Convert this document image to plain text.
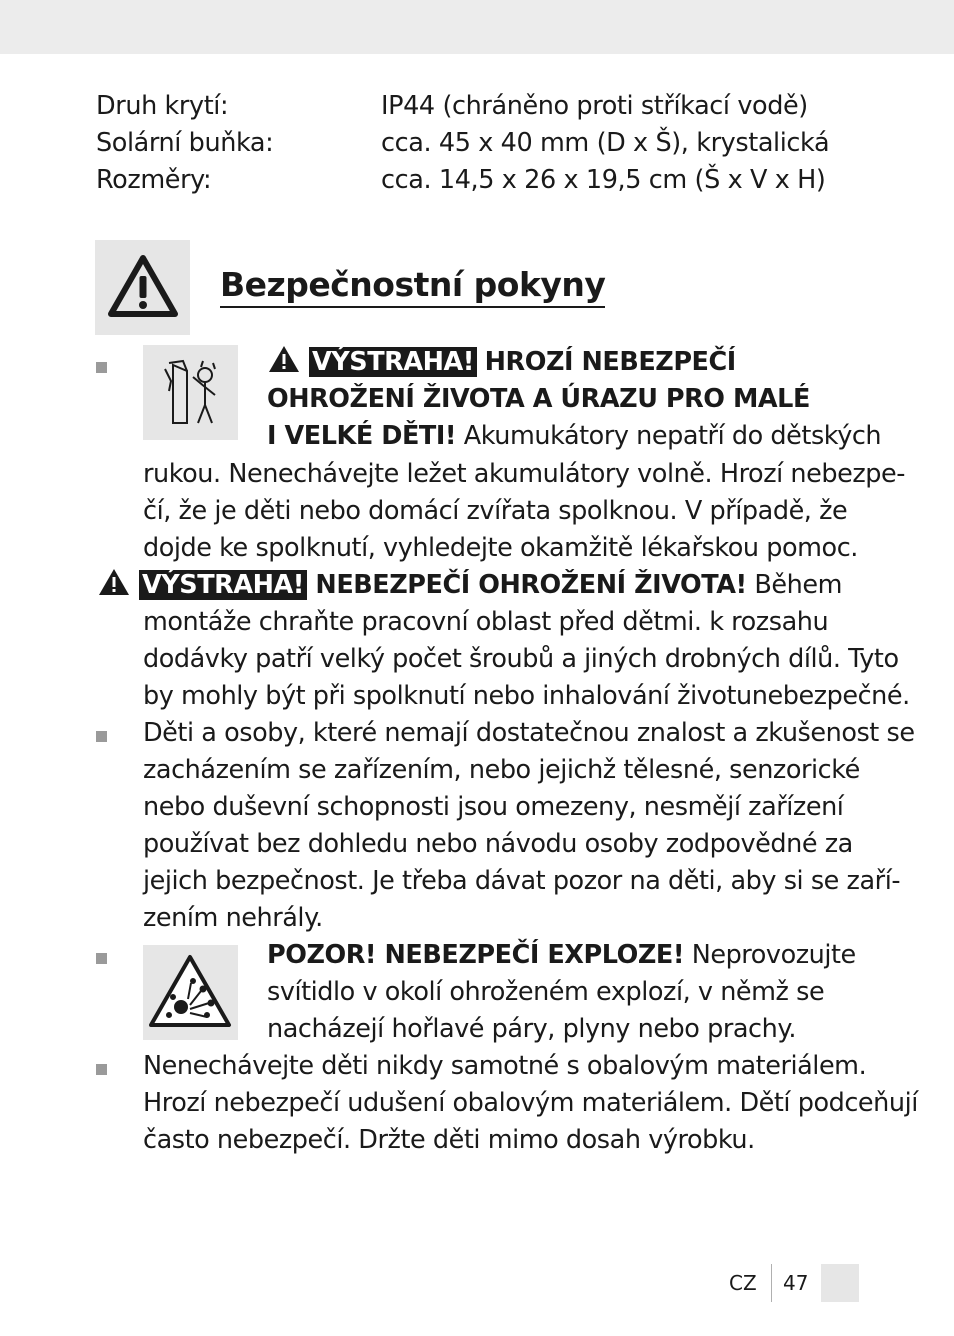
Druh krytí:	IP44 (chráněno proti stříkací vodě)
Solární buňka:	cca. 45 x 40 mm (D x Š), krystalická
Rozměry:	cca. 14,5 x 26 x 19,5 cm (Š x V x H)
Bezpečnostní pokyny
VÝSTRAHA! HROZÍ NEBEZPEČÍ
OHROŽENÍ ŽIVOTA A ÚRAZU PRO MALÉ
I VELKÉ DĚTI! Akumukátory nepatří do dětských
rukou. Nenechávejte ležet akumulátory volně. Hrozí nebezpe-
čí, že je děti nebo domácí zvířata spolknou. V případě, že
dojde ke spolknutí, vyhledejte okamžitě lékařskou pomoc.
VÝSTRAHA! NEBEZPEČÍ OHROŽENÍ ŽIVOTA! Během
montáže chraňte pracovní oblast před dětmi. k rozsahu
dodávky patří velký počet šroubů a jiných drobných dílů. Tyto
by mohly být při spolknutí nebo inhalování životunebezpečné.
Děti a osoby, které nemají dostatečnou znalost a zkušenost se
zacházením se zařízením, nebo jejichž tělesné, senzorické
nebo duševní schopnosti jsou omezeny, nesmějí zařízení
používat bez dohledu nebo návodu osoby zodpovědné za
jejich bezpečnost. Je třeba dávat pozor na děti, aby si se zaří-
zením nehrály.
POZOR! NEBEZPEČÍ EXPLOZE! Neprovozujte
svítidlo v okolí ohroženém explozí, v němž se
nacházejí hořlavé páry, plyny nebo prachy.
Nenechávejte děti nikdy samotné s obalovým materiálem.
Hrozí nebezpečí udušení obalovým materiálem. Dětí podceňují
často nebezpečí. Držte děti mimo dosah výrobku.
CZ 47
